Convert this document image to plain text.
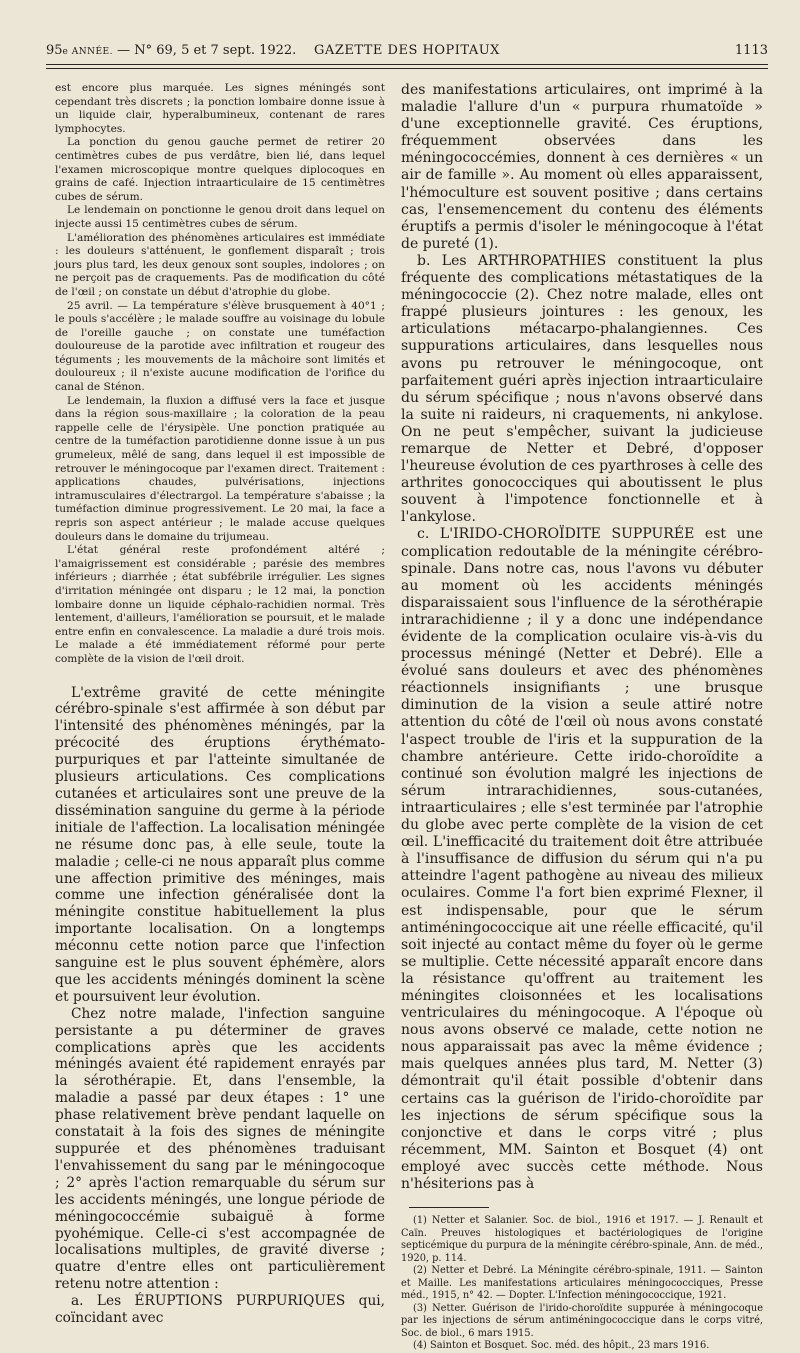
95e ANNÉE. — N° 69, 5 et 7 sept. 1922.	GAZETTE DES HOPITAUX	1113

est encore plus marquée. Les signes méningés sont cependant très discrets ; la ponction lombaire donne issue à un liquide clair, hyperalbumineux, contenant de rares lymphocytes.

La ponction du genou gauche permet de retirer 20 centimètres cubes de pus verdâtre, bien lié, dans lequel l'examen microscopique montre quelques diplocoques en grains de café. Injection intraarticulaire de 15 centimètres cubes de sérum.

Le lendemain on ponctionne le genou droit dans lequel on injecte aussi 15 centimètres cubes de sérum.

L'amélioration des phénomènes articulaires est immédiate : les douleurs s'atténuent, le gonflement disparaît ; trois jours plus tard, les deux genoux sont souples, indolores ; on ne perçoit pas de craquements. Pas de modification du côté de l'œil ; on constate un début d'atrophie du globe.

25 avril. — La température s'élève brusquement à 40°1 ; le pouls s'accélère ; le malade souffre au voisinage du lobule de l'oreille gauche ; on constate une tuméfaction douloureuse de la parotide avec infiltration et rougeur des téguments ; les mouvements de la mâchoire sont limités et douloureux ; il n'existe aucune modification de l'orifice du canal de Sténon.

Le lendemain, la fluxion a diffusé vers la face et jusque dans la région sous-maxillaire ; la coloration de la peau rappelle celle de l'érysipèle. Une ponction pratiquée au centre de la tuméfaction parotidienne donne issue à un pus grumeleux, mêlé de sang, dans lequel il est impossible de retrouver le méningocoque par l'examen direct. Traitement : applications chaudes, pulvérisations, injections intramusculaires d'électrargol. La température s'abaisse ; la tuméfaction diminue progressivement. Le 20 mai, la face a repris son aspect antérieur ; le malade accuse quelques douleurs dans le domaine du trijumeau.

L'état général reste profondément altéré ; l'amaigrissement est considérable ; parésie des membres inférieurs ; diarrhée ; état subfébrile irrégulier. Les signes d'irritation méningée ont disparu ; le 12 mai, la ponction lombaire donne un liquide céphalo-rachidien normal. Très lentement, d'ailleurs, l'amélioration se poursuit, et le malade entre enfin en convalescence. La maladie a duré trois mois. Le malade a été immédiatement réformé pour perte complète de la vision de l'œil droit.

L'extrême gravité de cette méningite cérébro-spinale s'est affirmée à son début par l'intensité des phénomènes méningés, par la précocité des éruptions érythémato-purpuriques et par l'atteinte simultanée de plusieurs articulations. Ces complications cutanées et articulaires sont une preuve de la dissémination sanguine du germe à la période initiale de l'affection. La localisation méningée ne résume donc pas, à elle seule, toute la maladie ; celle-ci ne nous apparaît plus comme une affection primitive des méninges, mais comme une infection généralisée dont la méningite constitue habituellement la plus importante localisation. On a longtemps méconnu cette notion parce que l'infection sanguine est le plus souvent éphémère, alors que les accidents méningés dominent la scène et poursuivent leur évolution.

Chez notre malade, l'infection sanguine persistante a pu déterminer de graves complications après que les accidents méningés avaient été rapidement enrayés par la sérothérapie. Et, dans l'ensemble, la maladie a passé par deux étapes : 1° une phase relativement brève pendant laquelle on constatait à la fois des signes de méningite suppurée et des phénomènes traduisant l'envahissement du sang par le méningocoque ; 2° après l'action remarquable du sérum sur les accidents méningés, une longue période de méningococcémie subaiguë à forme pyohémique. Celle-ci s'est accompagnée de localisations multiples, de gravité diverse ; quatre d'entre elles ont particulièrement retenu notre attention :

a. Les ÉRUPTIONS PURPURIQUES qui, coïncidant avec

des manifestations articulaires, ont imprimé à la maladie l'allure d'un « purpura rhumatoïde » d'une exceptionnelle gravité. Ces éruptions, fréquemment observées dans les méningococcémies, donnent à ces dernières « un air de famille ». Au moment où elles apparaissent, l'hémoculture est souvent positive ; dans certains cas, l'ensemencement du contenu des éléments éruptifs a permis d'isoler le méningocoque à l'état de pureté (1).

b. Les ARTHROPATHIES constituent la plus fréquente des complications métastatiques de la méningococcie (2). Chez notre malade, elles ont frappé plusieurs jointures : les genoux, les articulations métacarpo-phalangiennes. Ces suppurations articulaires, dans lesquelles nous avons pu retrouver le méningocoque, ont parfaitement guéri après injection intraarticulaire du sérum spécifique ; nous n'avons observé dans la suite ni raideurs, ni craquements, ni ankylose. On ne peut s'empêcher, suivant la judicieuse remarque de Netter et Debré, d'opposer l'heureuse évolution de ces pyarthroses à celle des arthrites gonococciques qui aboutissent le plus souvent à l'impotence fonctionnelle et à l'ankylose.

c. L'IRIDO-CHOROÏDITE SUPPURÉE est une complication redoutable de la méningite cérébro-spinale. Dans notre cas, nous l'avons vu débuter au moment où les accidents méningés disparaissaient sous l'influence de la sérothérapie intrarachidienne ; il y a donc une indépendance évidente de la complication oculaire vis-à-vis du processus méningé (Netter et Debré). Elle a évolué sans douleurs et avec des phénomènes réactionnels insignifiants ; une brusque diminution de la vision a seule attiré notre attention du côté de l'œil où nous avons constaté l'aspect trouble de l'iris et la suppuration de la chambre antérieure. Cette irido-choroïdite a continué son évolution malgré les injections de sérum intrarachidiennes, sous-cutanées, intraarticulaires ; elle s'est terminée par l'atrophie du globe avec perte complète de la vision de cet œil. L'inefficacité du traitement doit être attribuée à l'insuffisance de diffusion du sérum qui n'a pu atteindre l'agent pathogène au niveau des milieux oculaires. Comme l'a fort bien exprimé Flexner, il est indispensable, pour que le sérum antiméningococcique ait une réelle efficacité, qu'il soit injecté au contact même du foyer où le germe se multiplie. Cette nécessité apparaît encore dans la résistance qu'offrent au traitement les méningites cloisonnées et les localisations ventriculaires du méningocoque. A l'époque où nous avons observé ce malade, cette notion ne nous apparaissait pas avec la même évidence ; mais quelques années plus tard, M. Netter (3) démontrait qu'il était possible d'obtenir dans certains cas la guérison de l'irido-choroïdite par les injections de sérum spécifique sous la conjonctive et dans le corps vitré ; plus récemment, MM. Sainton et Bosquet (4) ont employé avec succès cette méthode. Nous n'hésiterions pas à

(1) Netter et Salanier. Soc. de biol., 1916 et 1917. — J. Renault et Caïn. Preuves histologiques et bactériologiques de l'origine septicémique du purpura de la méningite cérébro-spinale, Ann. de méd., 1920, p. 114.

(2) Netter et Debré. La Méningite cérébro-spinale, 1911. — Sainton et Maille. Les manifestations articulaires méningococciques, Presse méd., 1915, n° 42. — Dopter. L'Infection méningococcique, 1921.

(3) Netter. Guérison de l'irido-choroïdite suppurée à méningocoque par les injections de sérum antiméningococcique dans le corps vitré, Soc. de biol., 6 mars 1915.

(4) Sainton et Bosquet. Soc. méd. des hôpit., 23 mars 1916.
